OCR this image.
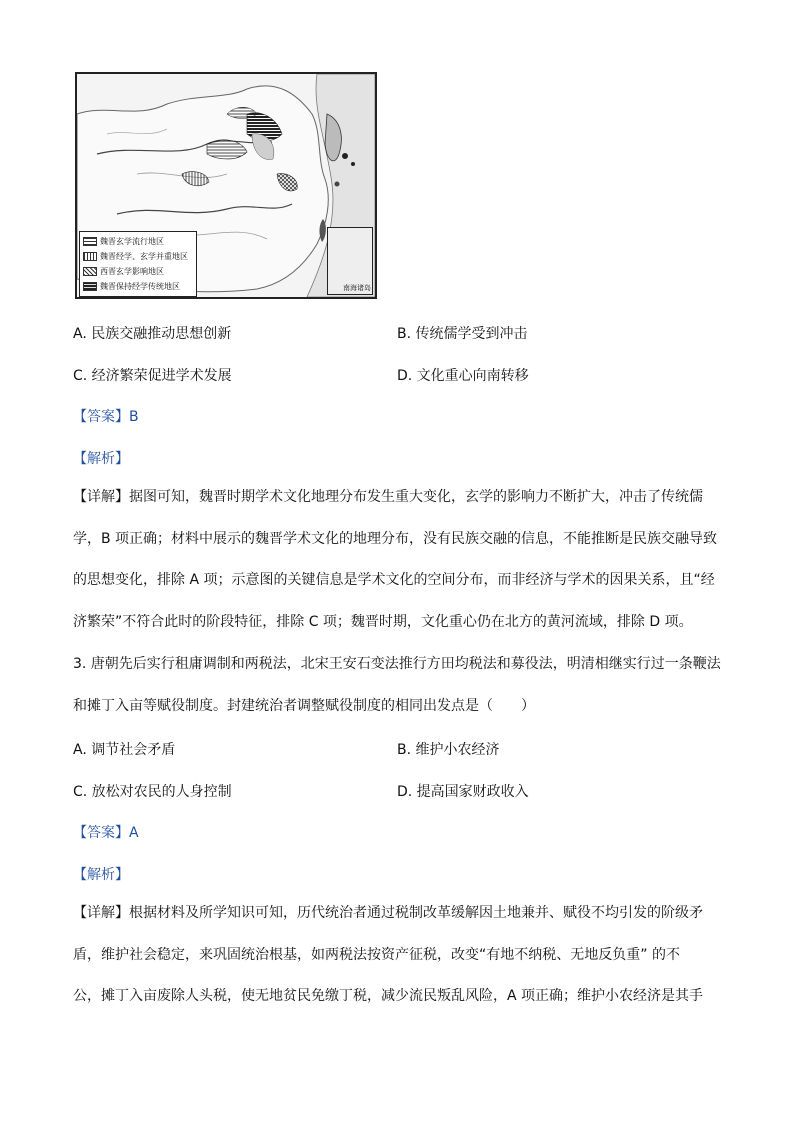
魏晋玄学流行地区
魏晋经学、玄学并重地区
西晋玄学影响地区
魏晋保持经学传统地区	南海诸岛
A. 民族交融推动思想创新	B. 传统儒学受到冲击
C. 经济繁荣促进学术发展	D. 文化重心向南转移
【答案】B
【解析】
【详解】据图可知，魏晋时期学术文化地理分布发生重大变化，玄学的影响力不断扩大，冲击了传统儒
学，B 项正确；材料中展示的魏晋学术文化的地理分布，没有民族交融的信息，不能推断是民族交融导致
的思想变化，排除 A 项；示意图的关键信息是学术文化的空间分布，而非经济与学术的因果关系，且“经
济繁荣”不符合此时的阶段特征，排除 C 项；魏晋时期，文化重心仍在北方的黄河流域，排除 D 项。
3. 唐朝先后实行租庸调制和两税法，北宋王安石变法推行方田均税法和募役法，明清相继实行过一条鞭法
和摊丁入亩等赋役制度。封建统治者调整赋役制度的相同出发点是（　　）
A. 调节社会矛盾	B. 维护小农经济
C. 放松对农民的人身控制	D. 提高国家财政收入
【答案】A
【解析】
【详解】根据材料及所学知识可知，历代统治者通过税制改革缓解因土地兼并、赋役不均引发的阶级矛
盾，维护社会稳定，来巩固统治根基，如两税法按资产征税，改变“有地不纳税、无地反负重” 的不
公，摊丁入亩废除人头税，使无地贫民免缴丁税，减少流民叛乱风险，A 项正确；维护小农经济是其手
